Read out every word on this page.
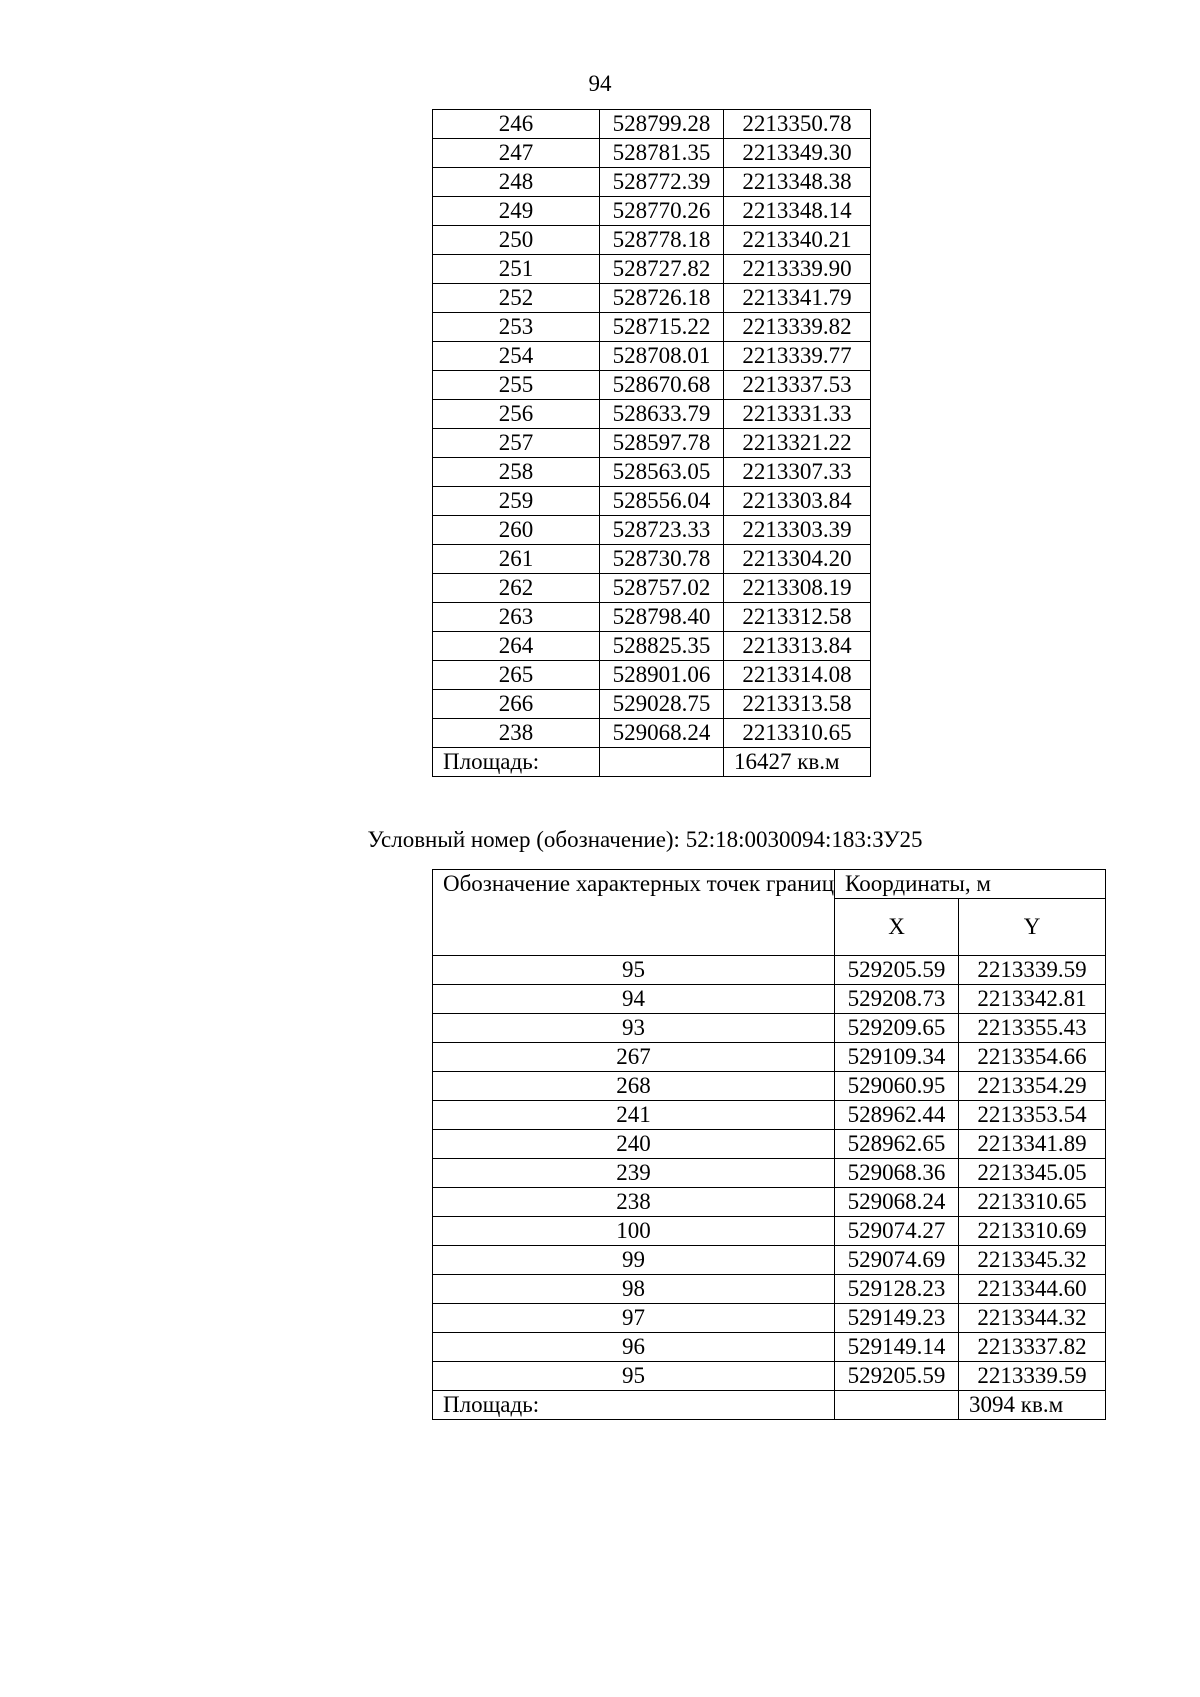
94
246	528799.28	2213350.78
247	528781.35	2213349.30
248	528772.39	2213348.38
249	528770.26	2213348.14
250	528778.18	2213340.21
251	528727.82	2213339.90
252	528726.18	2213341.79
253	528715.22	2213339.82
254	528708.01	2213339.77
255	528670.68	2213337.53
256	528633.79	2213331.33
257	528597.78	2213321.22
258	528563.05	2213307.33
259	528556.04	2213303.84
260	528723.33	2213303.39
261	528730.78	2213304.20
262	528757.02	2213308.19
263	528798.40	2213312.58
264	528825.35	2213313.84
265	528901.06	2213314.08
266	529028.75	2213313.58
238	529068.24	2213310.65
Площадь:		16427 кв.м
Условный номер (обозначение): 52:18:0030094:183:ЗУ25
Обозначение характерных точек границ	Координаты, м	
	X	Y
95	529205.59	2213339.59
94	529208.73	2213342.81
93	529209.65	2213355.43
267	529109.34	2213354.66
268	529060.95	2213354.29
241	528962.44	2213353.54
240	528962.65	2213341.89
239	529068.36	2213345.05
238	529068.24	2213310.65
100	529074.27	2213310.69
99	529074.69	2213345.32
98	529128.23	2213344.60
97	529149.23	2213344.32
96	529149.14	2213337.82
95	529205.59	2213339.59
Площадь:		3094 кв.м
